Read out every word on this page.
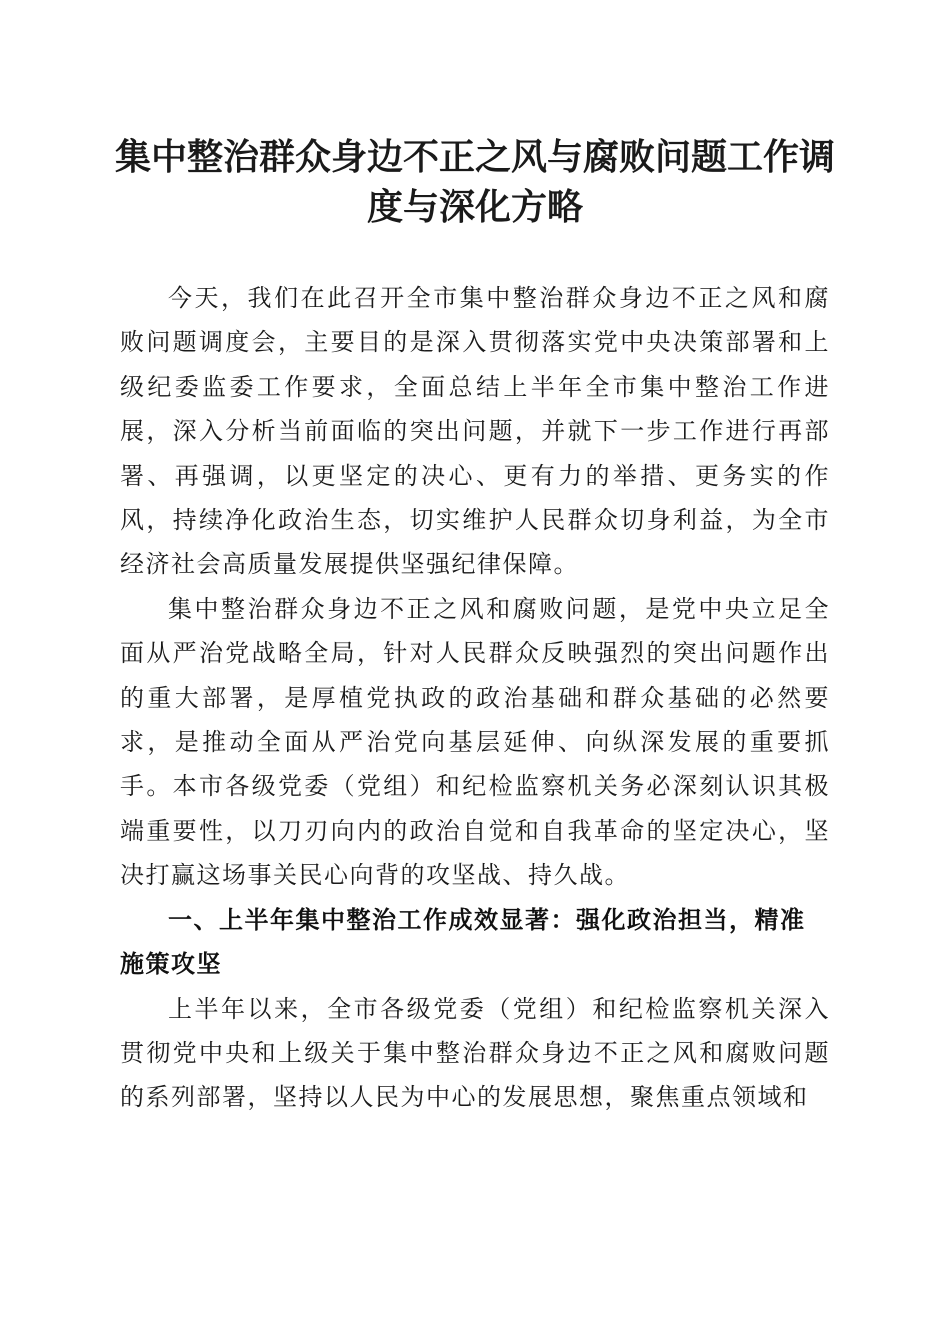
集中整治群众身边不正之风与腐败问题工作调
度与深化方略

今天，我们在此召开全市集中整治群众身边不正之风和腐败问题调度会，主要目的是深入贯彻落实党中央决策部署和上级纪委监委工作要求，全面总结上半年全市集中整治工作进展，深入分析当前面临的突出问题，并就下一步工作进行再部署、再强调，以更坚定的决心、更有力的举措、更务实的作风，持续净化政治生态，切实维护人民群众切身利益，为全市经济社会高质量发展提供坚强纪律保障。

集中整治群众身边不正之风和腐败问题，是党中央立足全面从严治党战略全局，针对人民群众反映强烈的突出问题作出的重大部署，是厚植党执政的政治基础和群众基础的必然要求，是推动全面从严治党向基层延伸、向纵深发展的重要抓手。本市各级党委（党组）和纪检监察机关务必深刻认识其极端重要性，以刀刃向内的政治自觉和自我革命的坚定决心，坚决打赢这场事关民心向背的攻坚战、持久战。

一、上半年集中整治工作成效显著：强化政治担当，精准施策攻坚

上半年以来，全市各级党委（党组）和纪检监察机关深入贯彻党中央和上级关于集中整治群众身边不正之风和腐败问题的系列部署，坚持以人民为中心的发展思想，聚焦重点领域和
